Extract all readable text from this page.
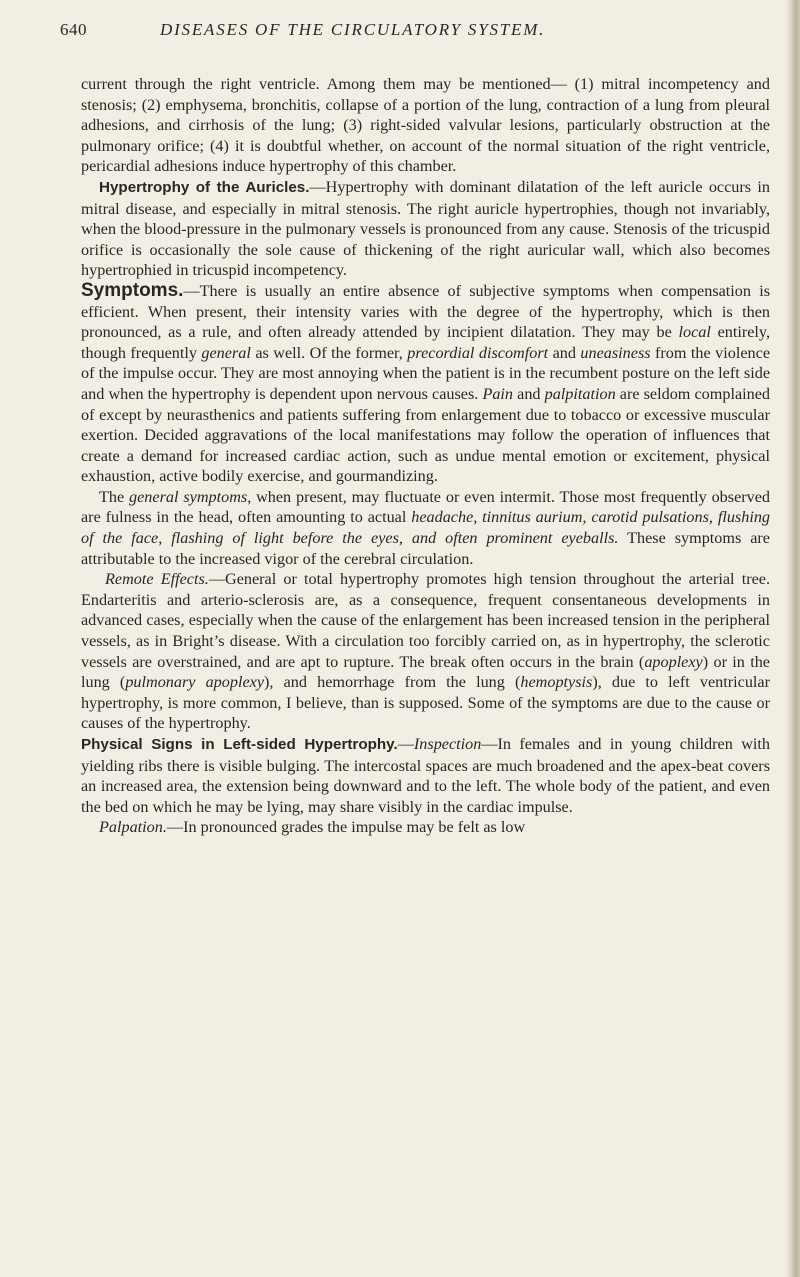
640	DISEASES OF THE CIRCULATORY SYSTEM.

current through the right ventricle. Among them may be mentioned— (1) mitral incompetency and stenosis; (2) emphysema, bronchitis, collapse of a portion of the lung, contraction of a lung from pleural adhesions, and cirrhosis of the lung; (3) right-sided valvular lesions, particularly obstruction at the pulmonary orifice; (4) it is doubtful whether, on account of the normal situation of the right ventricle, pericardial adhesions induce hypertrophy of this chamber.

Hypertrophy of the Auricles.—Hypertrophy with dominant dilatation of the left auricle occurs in mitral disease, and especially in mitral stenosis. The right auricle hypertrophies, though not invariably, when the blood-pressure in the pulmonary vessels is pronounced from any cause. Stenosis of the tricuspid orifice is occasionally the sole cause of thickening of the right auricular wall, which also becomes hypertrophied in tricuspid incompetency.

Symptoms.—There is usually an entire absence of subjective symptoms when compensation is efficient. When present, their intensity varies with the degree of the hypertrophy, which is then pronounced, as a rule, and often already attended by incipient dilatation. They may be local entirely, though frequently general as well. Of the former, precordial discomfort and uneasiness from the violence of the impulse occur. They are most annoying when the patient is in the recumbent posture on the left side and when the hypertrophy is dependent upon nervous causes. Pain and palpitation are seldom complained of except by neurasthenics and patients suffering from enlargement due to tobacco or excessive muscular exertion. Decided aggravations of the local manifestations may follow the operation of influences that create a demand for increased cardiac action, such as undue mental emotion or excitement, physical exhaustion, active bodily exercise, and gourmandizing.

The general symptoms, when present, may fluctuate or even intermit. Those most frequently observed are fulness in the head, often amounting to actual headache, tinnitus aurium, carotid pulsations, flushing of the face, flashing of light before the eyes, and often prominent eyeballs. These symptoms are attributable to the increased vigor of the cerebral circulation.

Remote Effects.—General or total hypertrophy promotes high tension throughout the arterial tree. Endarteritis and arterio-sclerosis are, as a consequence, frequent consentaneous developments in advanced cases, especially when the cause of the enlargement has been increased tension in the peripheral vessels, as in Bright’s disease. With a circulation too forcibly carried on, as in hypertrophy, the sclerotic vessels are overstrained, and are apt to rupture. The break often occurs in the brain (apoplexy) or in the lung (pulmonary apoplexy), and hemorrhage from the lung (hemoptysis), due to left ventricular hypertrophy, is more common, I believe, than is supposed. Some of the symptoms are due to the cause or causes of the hypertrophy.

Physical Signs in Left-sided Hypertrophy.—Inspection—In females and in young children with yielding ribs there is visible bulging. The intercostal spaces are much broadened and the apex-beat covers an increased area, the extension being downward and to the left. The whole body of the patient, and even the bed on which he may be lying, may share visibly in the cardiac impulse.

Palpation.—In pronounced grades the impulse may be felt as low
